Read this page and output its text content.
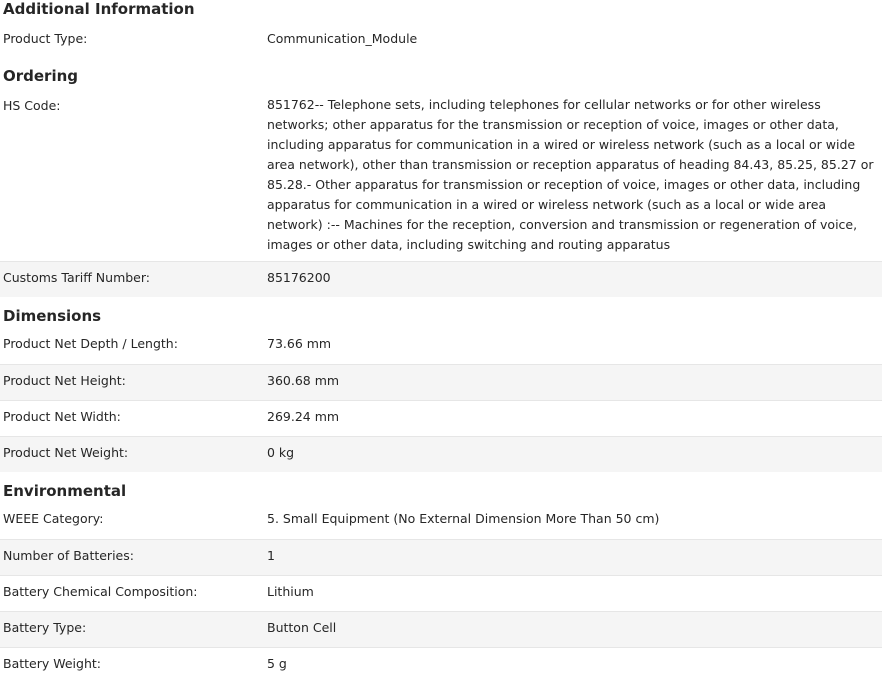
Additional Information
Product Type:	Communication_Module
Ordering
HS Code:	851762-- Telephone sets, including telephones for cellular networks or for other wireless networks; other apparatus for the transmission or reception of voice, images or other data, including apparatus for communication in a wired or wireless network (such as a local or wide area network), other than transmission or reception apparatus of heading 84.43, 85.25, 85.27 or 85.28.- Other apparatus for transmission or reception of voice, images or other data, including apparatus for communication in a wired or wireless network (such as a local or wide area network) :-- Machines for the reception, conversion and transmission or regeneration of voice, images or other data, including switching and routing apparatus
Customs Tariff Number:	85176200
Dimensions
Product Net Depth / Length:	73.66 mm
Product Net Height:	360.68 mm
Product Net Width:	269.24 mm
Product Net Weight:	0 kg
Environmental
WEEE Category:	5. Small Equipment (No External Dimension More Than 50 cm)
Number of Batteries:	1
Battery Chemical Composition:	Lithium
Battery Type:	Button Cell
Battery Weight:	5 g
